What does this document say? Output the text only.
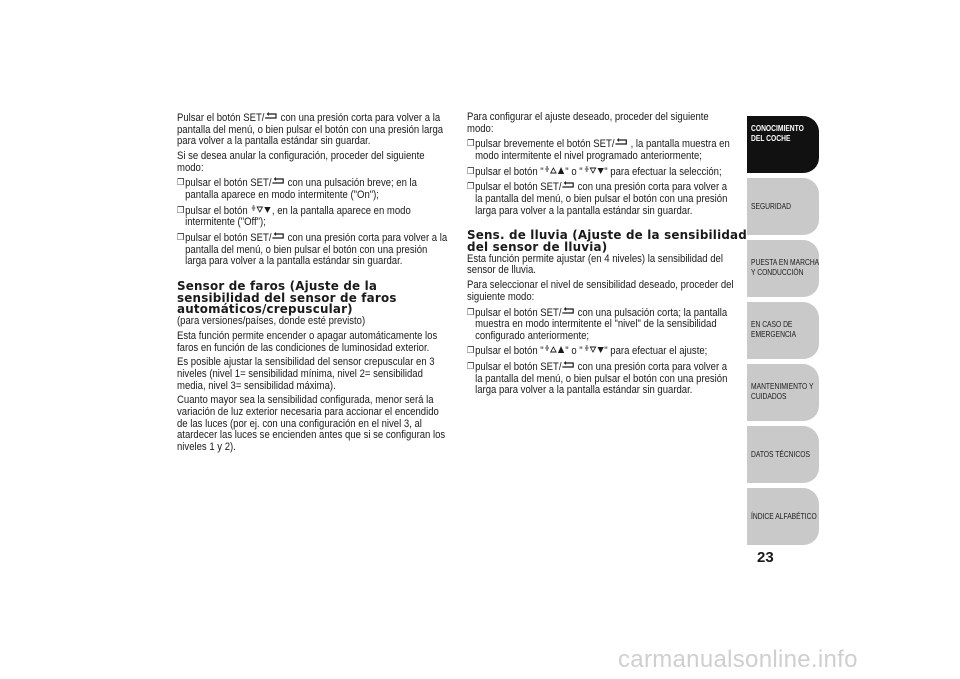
Pulsar el botón SET/ con una presión corta para volver a la pantalla del menú, o bien pulsar el botón con una presión larga para volver a la pantalla estándar sin guardar.

Si se desea anular la configuración, proceder del siguiente modo:

❒ pulsar el botón SET/ con una pulsación breve; en la pantalla aparece en modo intermitente ("On");
❒ pulsar el botón , en la pantalla aparece en modo intermitente ("Off");
❒ pulsar el botón SET/ con una presión corta para volver a la pantalla del menú, o bien pulsar el botón con una presión larga para volver a la pantalla estándar sin guardar.
Sensor de faros (Ajuste de la sensibilidad del sensor de faros automáticos/crepuscular)

(para versiones/países, donde esté previsto)

Esta función permite encender o apagar automáticamente los faros en función de las condiciones de luminosidad exterior.

Es posible ajustar la sensibilidad del sensor crepuscular en 3 niveles (nivel 1= sensibilidad mínima, nivel 2= sensibilidad media, nivel 3= sensibilidad máxima).

Cuanto mayor sea la sensibilidad configurada, menor será la variación de luz exterior necesaria para accionar el encendido de las luces (por ej. con una configuración en el nivel 3, al atardecer las luces se encienden antes que si se configuran los niveles 1 y 2).

Para configurar el ajuste deseado, proceder del siguiente modo:

❒ pulsar brevemente el botón SET/ , la pantalla muestra en modo intermitente el nivel programado anteriormente;
❒ pulsar el botón " " o " " para efectuar la selección;
❒ pulsar el botón SET/ con una presión corta para volver a la pantalla del menú, o bien pulsar el botón con una presión larga para volver a la pantalla estándar sin guardar.
Sens. de lluvia (Ajuste de la sensibilidad del sensor de lluvia)

Esta función permite ajustar (en 4 niveles) la sensibilidad del sensor de lluvia.

Para seleccionar el nivel de sensibilidad deseado, proceder del siguiente modo:

❒ pulsar el botón SET/ con una pulsación corta; la pantalla muestra en modo intermitente el "nivel" de la sensibilidad configurado anteriormente;
❒ pulsar el botón " " o " " para efectuar el ajuste;
❒ pulsar el botón SET/ con una presión corta para volver a la pantalla del menú, o bien pulsar el botón con una presión larga para volver a la pantalla estándar sin guardar.
CONOCIMIENTO
DEL COCHE
SEGURIDAD
PUESTA EN MARCHA
Y CONDUCCIÓN
EN CASO DE
EMERGENCIA
MANTENIMIENTO Y
CUIDADOS
DATOS TÉCNICOS
ÍNDICE ALFABÉTICO
23
carmanualsonline.info
